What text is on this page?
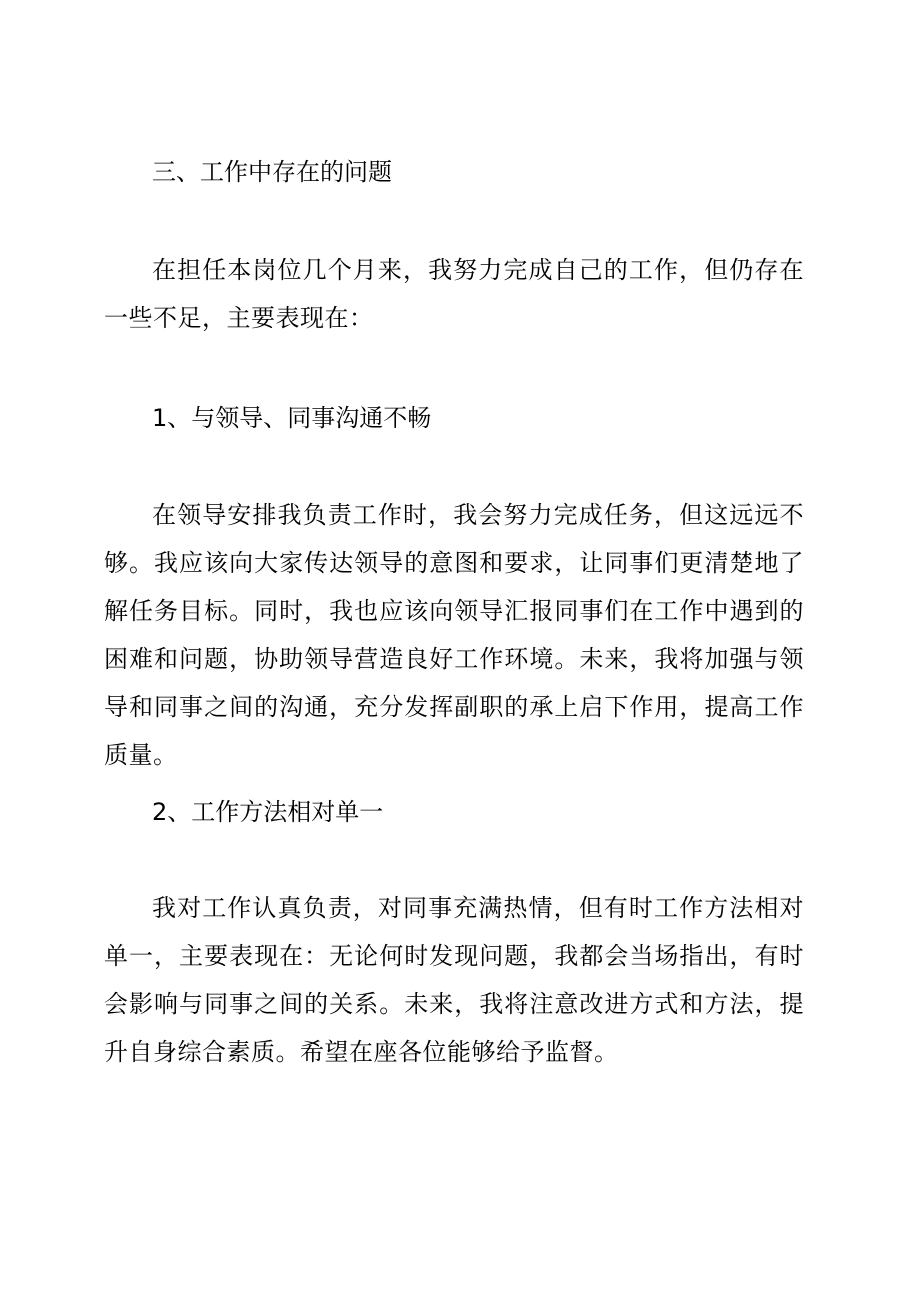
三、工作中存在的问题

在担任本岗位几个月来，我努力完成自己的工作，但仍存在一些不足，主要表现在：

1、与领导、同事沟通不畅

在领导安排我负责工作时，我会努力完成任务，但这远远不够。我应该向大家传达领导的意图和要求，让同事们更清楚地了解任务目标。同时，我也应该向领导汇报同事们在工作中遇到的困难和问题，协助领导营造良好工作环境。未来，我将加强与领导和同事之间的沟通，充分发挥副职的承上启下作用，提高工作质量。

2、工作方法相对单一

我对工作认真负责，对同事充满热情，但有时工作方法相对单一，主要表现在：无论何时发现问题，我都会当场指出，有时会影响与同事之间的关系。未来，我将注意改进方式和方法，提升自身综合素质。希望在座各位能够给予监督。
